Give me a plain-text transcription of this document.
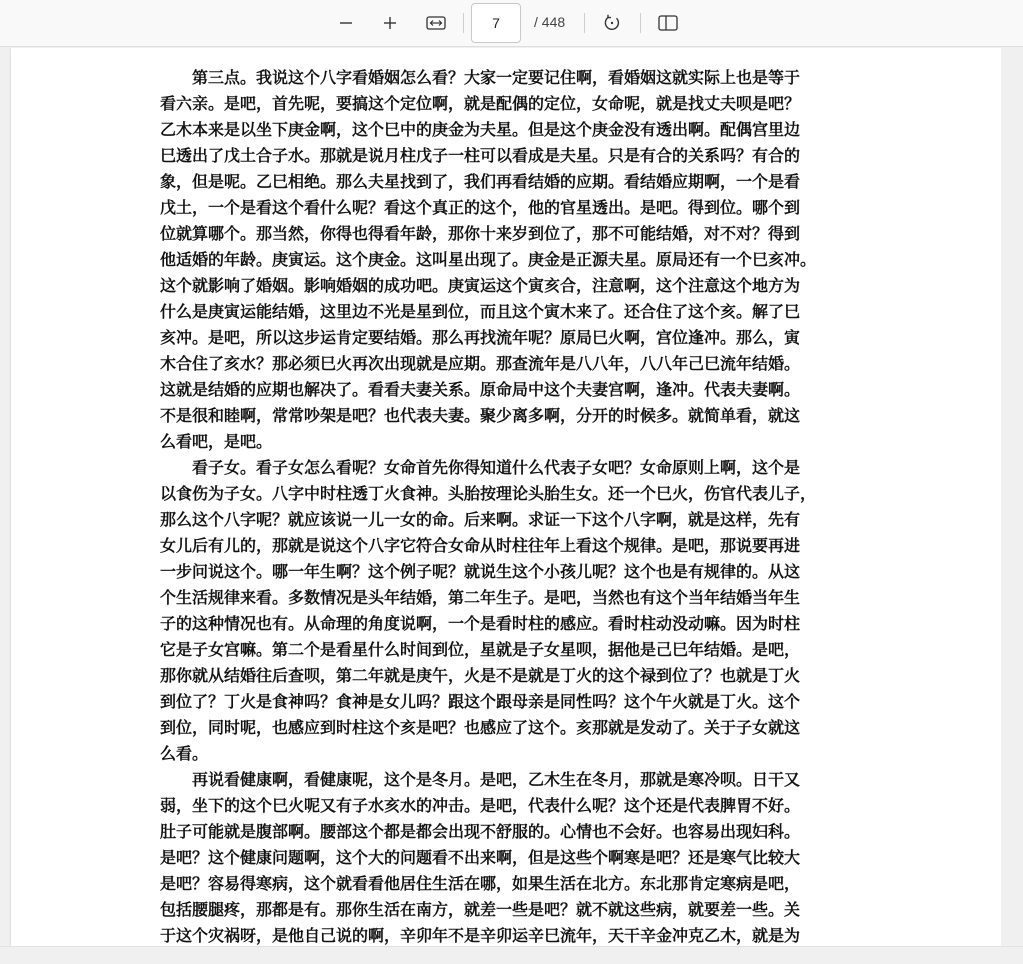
7
/ 448

第三点。我说这个八字看婚姻怎么看？大家一定要记住啊，看婚姻这就实际上也是等于
看六亲。是吧，首先呢，要搞这个定位啊，就是配偶的定位，女命呢，就是找丈夫呗是吧？
乙木本来是以坐下庚金啊，这个巳中的庚金为夫星。但是这个庚金没有透出啊。配偶宫里边
巳透出了戊土合子水。那就是说月柱戊子一柱可以看成是夫星。只是有合的关系吗？有合的
象，但是呢。乙巳相绝。那么夫星找到了，我们再看结婚的应期。看结婚应期啊，一个是看
戊土，一个是看这个看什么呢？看这个真正的这个，他的官星透出。是吧。得到位。哪个到
位就算哪个。那当然，你得也得看年龄，那你十来岁到位了，那不可能结婚，对不对？得到
他适婚的年龄。庚寅运。这个庚金。这叫星出现了。庚金是正源夫星。原局还有一个巳亥冲。
这个就影响了婚姻。影响婚姻的成功吧。庚寅运这个寅亥合，注意啊，这个注意这个地方为
什么是庚寅运能结婚，这里边不光是星到位，而且这个寅木来了。还合住了这个亥。解了巳
亥冲。是吧，所以这步运肯定要结婚。那么再找流年呢？原局巳火啊，宫位逢冲。那么，寅
木合住了亥水？那必须巳火再次出现就是应期。那查流年是八八年，八八年己巳流年结婚。
这就是结婚的应期也解决了。看看夫妻关系。原命局中这个夫妻宫啊，逢冲。代表夫妻啊。
不是很和睦啊，常常吵架是吧？也代表夫妻。聚少离多啊，分开的时候多。就简单看，就这
么看吧，是吧。

看子女。看子女怎么看呢？女命首先你得知道什么代表子女吧？女命原则上啊，这个是
以食伤为子女。八字中时柱透丁火食神。头胎按理论头胎生女。还一个巳火，伤官代表儿子，
那么这个八字呢？就应该说一儿一女的命。后来啊。求证一下这个八字啊，就是这样，先有
女儿后有儿的，那就是说这个八字它符合女命从时柱往年上看这个规律。是吧，那说要再进
一步问说这个。哪一年生啊？这个例子呢？就说生这个小孩儿呢？这个也是有规律的。从这
个生活规律来看。多数情况是头年结婚，第二年生子。是吧，当然也有这个当年结婚当年生
子的这种情况也有。从命理的角度说啊，一个是看时柱的感应。看时柱动没动嘛。因为时柱
它是子女宫嘛。第二个是看星什么时间到位，星就是子女星呗，据他是己巳年结婚。是吧，
那你就从结婚往后查呗，第二年就是庚午，火是不是就是丁火的这个禄到位了？也就是丁火
到位了？丁火是食神吗？食神是女儿吗？跟这个跟母亲是同性吗？这个午火就是丁火。这个
到位，同时呢，也感应到时柱这个亥是吧？也感应了这个。亥那就是发动了。关于子女就这
么看。

再说看健康啊，看健康呢，这个是冬月。是吧，乙木生在冬月，那就是寒冷呗。日干又
弱，坐下的这个巳火呢又有子水亥水的冲击。是吧，代表什么呢？这个还是代表脾胃不好。
肚子可能就是腹部啊。腰部这个都是都会出现不舒服的。心情也不会好。也容易出现妇科。
是吧？这个健康问题啊，这个大的问题看不出来啊，但是这些个啊寒是吧？还是寒气比较大
是吧？容易得寒病，这个就看看他居住生活在哪，如果生活在北方。东北那肯定寒病是吧，
包括腰腿疼，那都是有。那你生活在南方，就差一些是吧？就不就这些病，就要差一些。关
于这个灾祸呀，是他自己说的啊，辛卯年不是辛卯运辛巳流年，天干辛金冲克乙木，就是为
